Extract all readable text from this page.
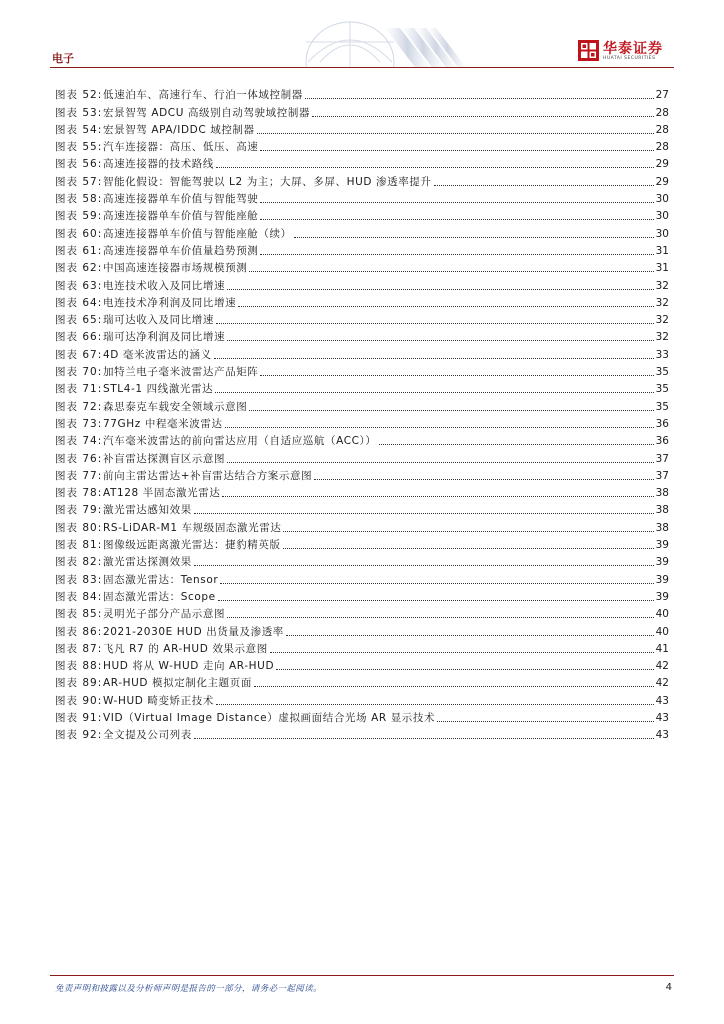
电子
华泰证券
HUATAI SECURITIES
图表 52: 低速泊车、高速行车、行泊一体域控制器	27
图表 53: 宏景智驾 ADCU 高级别自动驾驶域控制器	28
图表 54: 宏景智驾 APA/IDDC 域控制器	28
图表 55: 汽车连接器：高压、低压、高速	28
图表 56: 高速连接器的技术路线	29
图表 57: 智能化假设：智能驾驶以 L2 为主；大屏、多屏、HUD 渗透率提升	29
图表 58: 高速连接器单车价值与智能驾驶	30
图表 59: 高速连接器单车价值与智能座舱	30
图表 60: 高速连接器单车价值与智能座舱（续）	30
图表 61: 高速连接器单车价值量趋势预测	31
图表 62: 中国高速连接器市场规模预测	31
图表 63: 电连技术收入及同比增速	32
图表 64: 电连技术净利润及同比增速	32
图表 65: 瑞可达收入及同比增速	32
图表 66: 瑞可达净利润及同比增速	32
图表 67: 4D 毫米波雷达的涵义	33
图表 70: 加特兰电子毫米波雷达产品矩阵	35
图表 71: STL4-1 四线激光雷达	35
图表 72: 森思泰克车载安全领域示意图	35
图表 73: 77GHz 中程毫米波雷达	36
图表 74: 汽车毫米波雷达的前向雷达应用（自适应巡航（ACC））	36
图表 76: 补盲雷达探测盲区示意图	37
图表 77: 前向主雷达雷达+补盲雷达结合方案示意图	37
图表 78: AT128 半固态激光雷达	38
图表 79: 激光雷达感知效果	38
图表 80: RS-LiDAR-M1 车规级固态激光雷达	38
图表 81: 图像级远距离激光雷达：捷豹精英版	39
图表 82: 激光雷达探测效果	39
图表 83: 固态激光雷达：Tensor	39
图表 84: 固态激光雷达：Scope	39
图表 85: 灵明光子部分产品示意图	40
图表 86: 2021-2030E HUD 出货量及渗透率	40
图表 87: 飞凡 R7 的 AR-HUD 效果示意图	41
图表 88: HUD 将从 W-HUD 走向 AR-HUD	42
图表 89: AR-HUD 模拟定制化主题页面	42
图表 90: W-HUD 畸变矫正技术	43
图表 91: VID（Virtual Image Distance）虚拟画面结合光场 AR 显示技术	43
图表 92: 全文提及公司列表	43
免责声明和披露以及分析师声明是报告的一部分，请务必一起阅读。	4
